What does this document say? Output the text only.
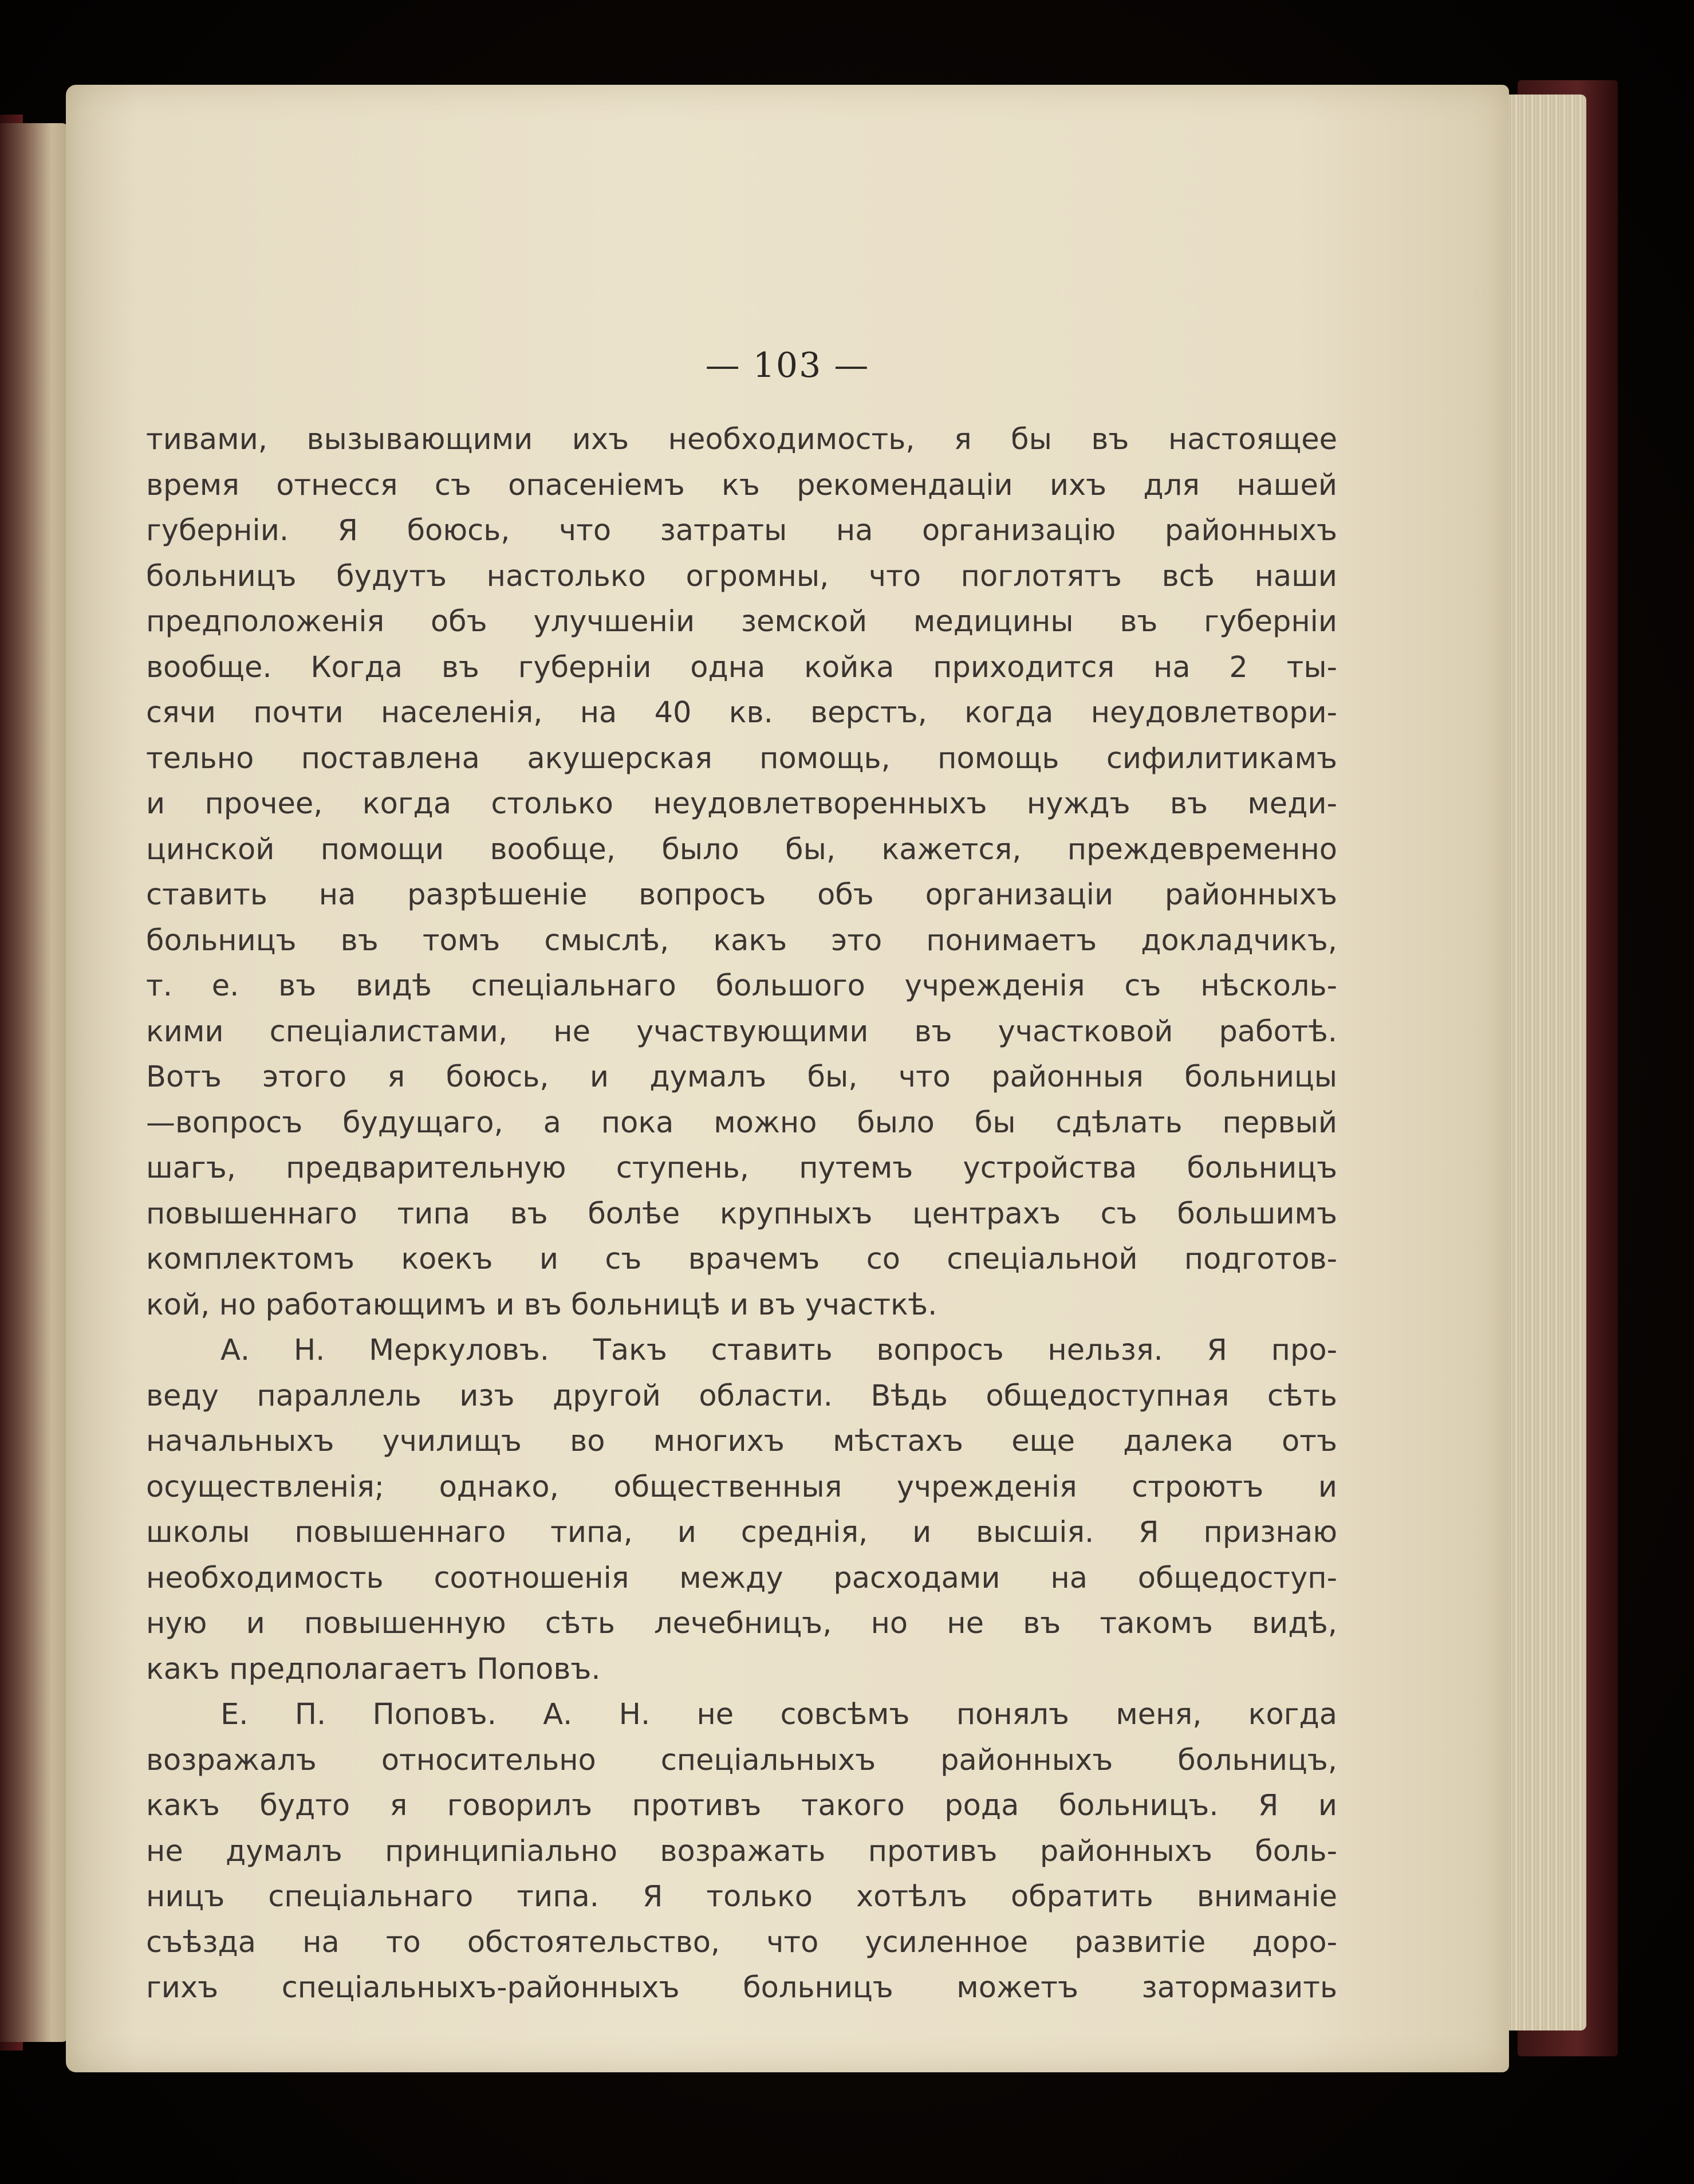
— 103 —
тивами, вызывающими ихъ необходимость, я бы въ настоящее
время отнесся съ опасеніемъ къ рекомендаціи ихъ для нашей
губерніи. Я боюсь, что затраты на организацію районныхъ
больницъ будутъ настолько огромны, что поглотятъ всѣ наши
предположенія объ улучшеніи земской медицины въ губерніи
вообще. Когда въ губерніи одна койка приходится на 2 ты-
сячи почти населенія, на 40 кв. верстъ, когда неудовлетвори-
тельно поставлена акушерская помощь, помощь сифилитикамъ
и прочее, когда столько неудовлетворенныхъ нуждъ въ меди-
цинской помощи вообще, было бы, кажется, преждевременно
ставить на разрѣшеніе вопросъ объ организаціи районныхъ
больницъ въ томъ смыслѣ, какъ это понимаетъ докладчикъ,
т. е. въ видѣ спеціальнаго большого учрежденія съ нѣсколь-
кими спеціалистами, не участвующими въ участковой работѣ.
Вотъ этого я боюсь, и думалъ бы, что районныя больницы
—вопросъ будущаго, а пока можно было бы сдѣлать первый
шагъ, предварительную ступень, путемъ устройства больницъ
повышеннаго типа въ болѣе крупныхъ центрахъ съ большимъ
комплектомъ коекъ и съ врачемъ со спеціальной подготов-
кой, но работающимъ и въ больницѣ и въ участкѣ.
А. Н. Меркуловъ. Такъ ставить вопросъ нельзя. Я про-
веду параллель изъ другой области. Вѣдь общедоступная сѣть
начальныхъ училищъ во многихъ мѣстахъ еще далека отъ
осуществленія; однако, общественныя учрежденія строютъ и
школы повышеннаго типа, и среднія, и высшія. Я признаю
необходимость соотношенія между расходами на общедоступ-
ную и повышенную сѣть лечебницъ, но не въ такомъ видѣ,
какъ предполагаетъ Поповъ.
Е. П. Поповъ. А. Н. не совсѣмъ понялъ меня, когда
возражалъ относительно спеціальныхъ районныхъ больницъ,
какъ будто я говорилъ противъ такого рода больницъ. Я и
не думалъ принципіально возражать противъ районныхъ боль-
ницъ спеціальнаго типа. Я только хотѣлъ обратить вниманіе
съѣзда на то обстоятельство, что усиленное развитіе доро-
гихъ спеціальныхъ-районныхъ больницъ можетъ затормазить
